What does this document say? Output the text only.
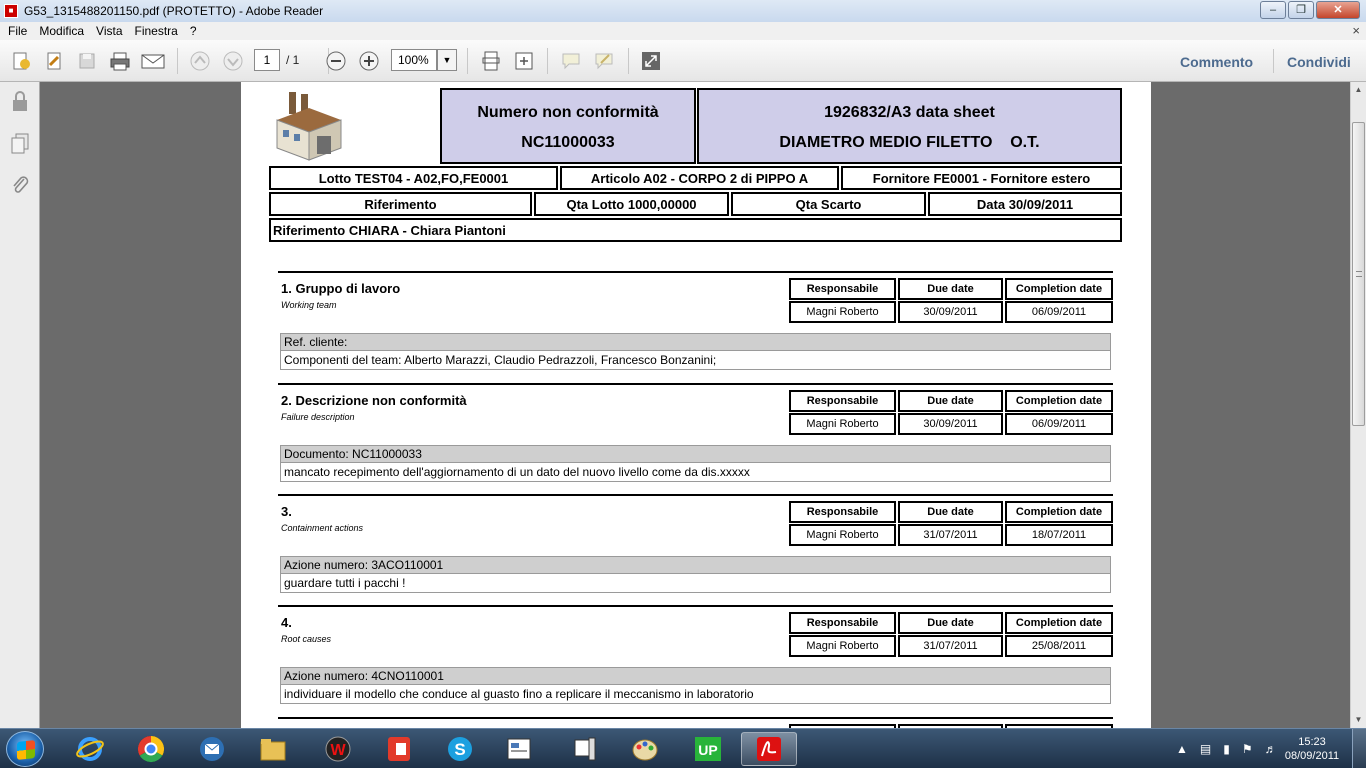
■ G53_1315488201150.pdf (PROTETTO) - Adobe Reader	–	❐	✕
File	Modifica	Vista	Finestra	?	×
1	/ 1	100%	▼	Commento Condividi
Numero non conformità
NC11000033
1926832/A3 data sheet
DIAMETRO MEDIO FILETTO    O.T.
Lotto TEST04 - A02,FO,FE0001	Articolo A02 - CORPO 2 di PIPPO A	Fornitore FE0001 - Fornitore estero
Riferimento	Qta Lotto 1000,00000	Qta Scarto	Data 30/09/2011
Riferimento CHIARA - Chiara Piantoni
1. Gruppo di lavoro
Working team
Responsabile	Due date	Completion date
Magni Roberto	30/09/2011	06/09/2011
Ref. cliente:
Componenti del team: Alberto Marazzi, Claudio Pedrazzoli, Francesco Bonzanini;
2. Descrizione non conformità
Failure description
Responsabile	Due date	Completion date
Magni Roberto	30/09/2011	06/09/2011
Documento: NC11000033
mancato recepimento dell'aggiornamento di un dato del nuovo livello come da dis.xxxxx
3.
Containment actions
Responsabile	Due date	Completion date
Magni Roberto	31/07/2011	18/07/2011
Azione numero: 3ACO110001
guardare tutti i pacchi !
4.
Root causes
Responsabile	Due date	Completion date
Magni Roberto	31/07/2011	25/08/2011
Azione numero: 4CNO110001
individuare il modello che conduce al guasto fino a replicare il meccanismo in laboratorio
▲
▼
W	S	UP	▲ ▤ ▮ ⚑ ♬	15:23
08/09/2011
